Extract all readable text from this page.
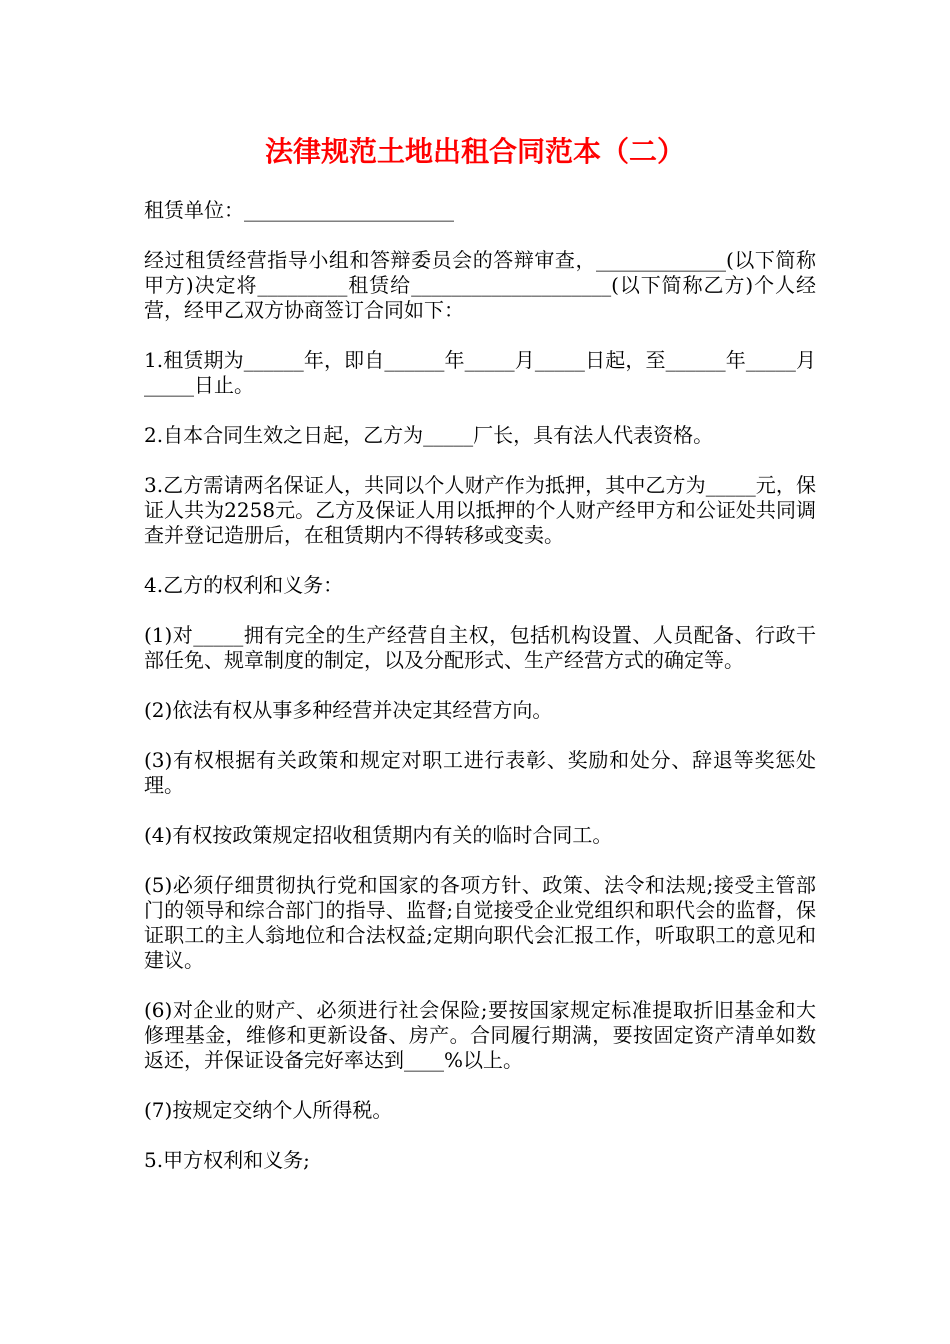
法律规范土地出租合同范本（二）

租赁单位：_____________________

经过租赁经营指导小组和答辩委员会的答辩审查，_____________(以下简称甲方)决定将_________租赁给____________________(以下简称乙方)个人经营，经甲乙双方协商签订合同如下：

1.租赁期为______年，即自______年_____月_____日起，至______年_____月_____日止。

2.自本合同生效之日起，乙方为_____厂长，具有法人代表资格。

3.乙方需请两名保证人，共同以个人财产作为抵押，其中乙方为_____元，保证人共为2258元。乙方及保证人用以抵押的个人财产经甲方和公证处共同调查并登记造册后，在租赁期内不得转移或变卖。

4.乙方的权利和义务：

(1)对_____拥有完全的生产经营自主权，包括机构设置、人员配备、行政干部任免、规章制度的制定，以及分配形式、生产经营方式的确定等。

(2)依法有权从事多种经营并决定其经营方向。

(3)有权根据有关政策和规定对职工进行表彰、奖励和处分、辞退等奖惩处理。

(4)有权按政策规定招收租赁期内有关的临时合同工。

(5)必须仔细贯彻执行党和国家的各项方针、政策、法令和法规;接受主管部门的领导和综合部门的指导、监督;自觉接受企业党组织和职代会的监督，保证职工的主人翁地位和合法权益;定期向职代会汇报工作，听取职工的意见和建议。

(6)对企业的财产、必须进行社会保险;要按国家规定标准提取折旧基金和大修理基金，维修和更新设备、房产。合同履行期满，要按固定资产清单如数返还，并保证设备完好率达到____%以上。

(7)按规定交纳个人所得税。

5.甲方权利和义务;
